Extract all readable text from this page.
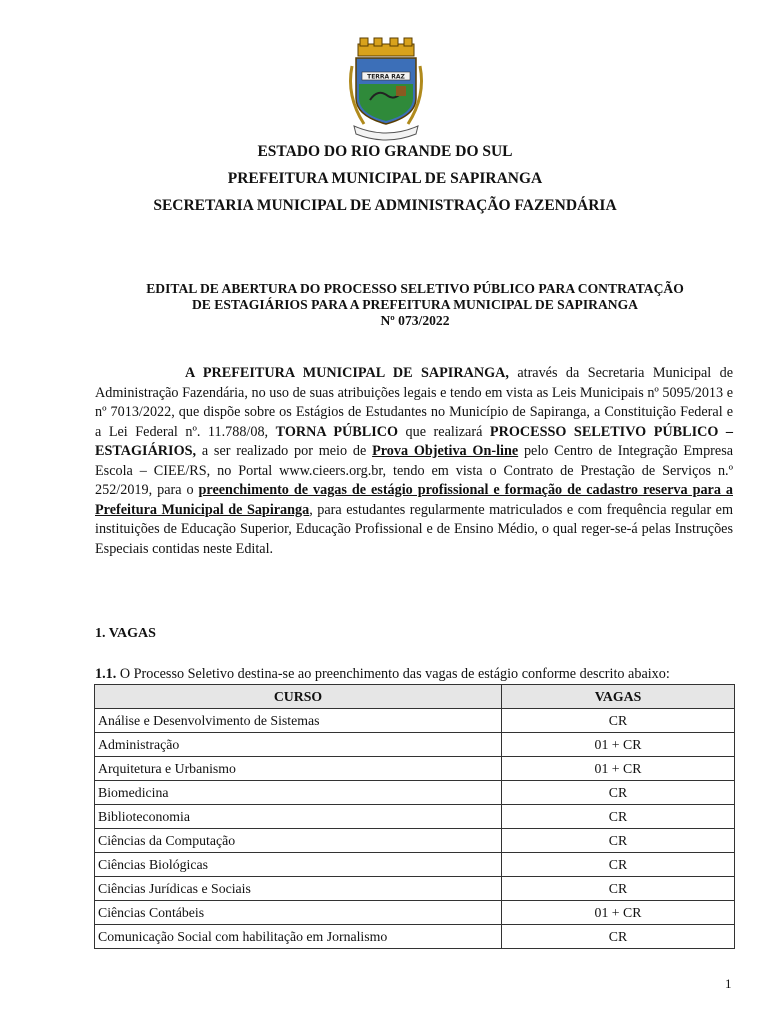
TERRA RAZ
ESTADO DO RIO GRANDE DO SUL
PREFEITURA MUNICIPAL DE SAPIRANGA
SECRETARIA MUNICIPAL DE ADMINISTRAÇÃO FAZENDÁRIA
EDITAL DE ABERTURA DO PROCESSO SELETIVO PÚBLICO PARA CONTRATAÇÃO
DE ESTAGIÁRIOS PARA A PREFEITURA MUNICIPAL DE SAPIRANGA
Nº 073/2022

A PREFEITURA MUNICIPAL DE SAPIRANGA, através da Secretaria Municipal de Administração Fazendária, no uso de suas atribuições legais e tendo em vista as Leis Municipais nº 5095/2013 e nº 7013/2022, que dispõe sobre os Estágios de Estudantes no Município de Sapiranga, a Constituição Federal e a Lei Federal nº. 11.788/08, TORNA PÚBLICO que realizará PROCESSO SELETIVO PÚBLICO – ESTAGIÁRIOS, a ser realizado por meio de Prova Objetiva On-line pelo Centro de Integração Empresa Escola – CIEE/RS, no Portal www.cieers.org.br, tendo em vista o Contrato de Prestação de Serviços n.º 252/2019, para o preenchimento de vagas de estágio profissional e formação de cadastro reserva para a Prefeitura Municipal de Sapiranga, para estudantes regularmente matriculados e com frequência regular em instituições de Educação Superior, Educação Profissional e de Ensino Médio, o qual reger-se-á pelas Instruções Especiais contidas neste Edital.

1. VAGAS
1.1. O Processo Seletivo destina-se ao preenchimento das vagas de estágio conforme descrito abaixo:
CURSO	VAGAS
Análise e Desenvolvimento de Sistemas	CR
Administração	01 + CR
Arquitetura e Urbanismo	01 + CR
Biomedicina	CR
Biblioteconomia	CR
Ciências da Computação	CR
Ciências Biológicas	CR
Ciências Jurídicas e Sociais	CR
Ciências Contábeis	01 + CR
Comunicação Social com habilitação em Jornalismo	CR
1
